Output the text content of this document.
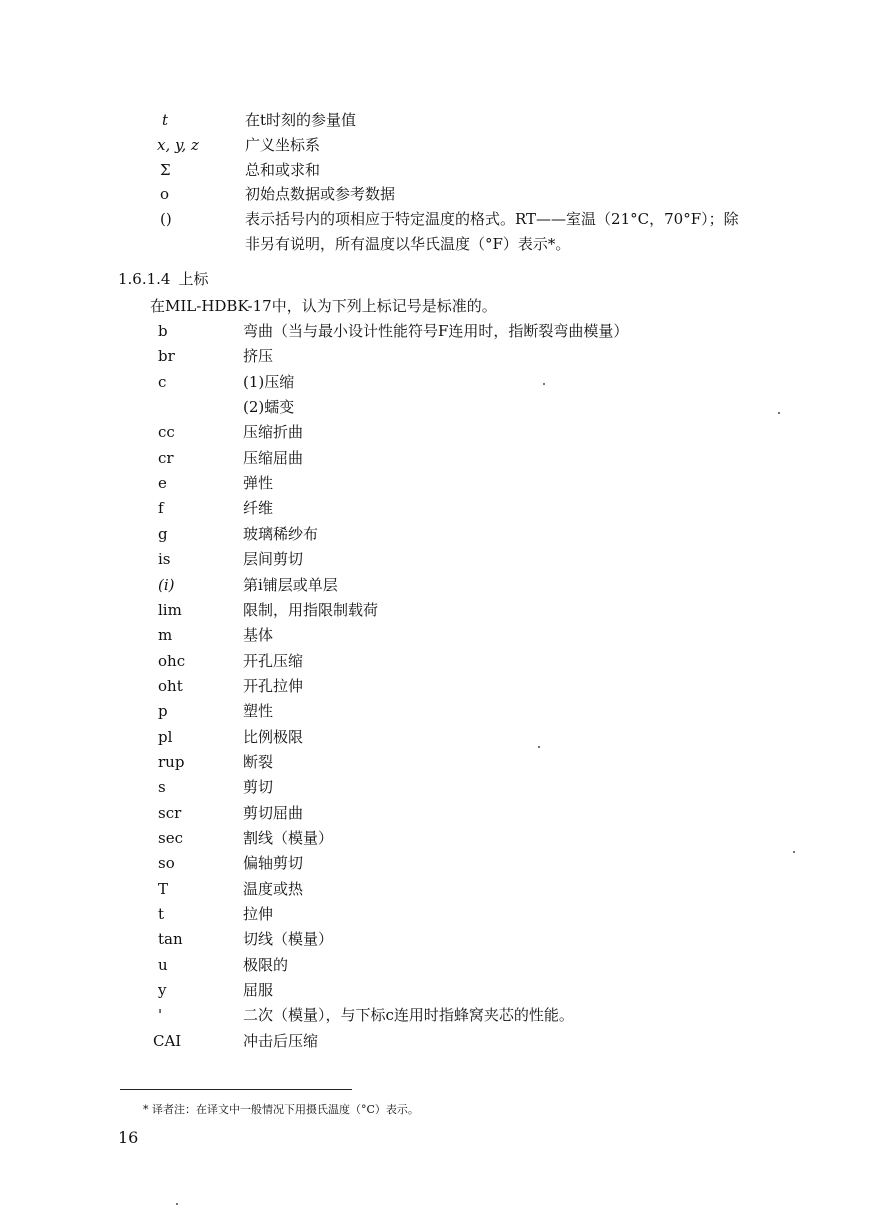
t	在t时刻的参量值
x, y, z	广义坐标系
Σ	总和或求和
o	初始点数据或参考数据
()	表示括号内的项相应于特定温度的格式。RT——室温（21°C，70°F）；除
非另有说明，所有温度以华氏温度（°F）表示*。
1.6.1.4 上标
在MIL-HDBK-17中，认为下列上标记号是标准的。
b	弯曲（当与最小设计性能符号F连用时，指断裂弯曲模量）
br	挤压
c	(1)压缩
(2)蠕变
cc	压缩折曲
cr	压缩屈曲
e	弹性
f	纤维
g	玻璃稀纱布
is	层间剪切
(i)	第i铺层或单层
lim	限制，用指限制载荷
m	基体
ohc	开孔压缩
oht	开孔拉伸
p	塑性
pl	比例极限
rup	断裂
s	剪切
scr	剪切屈曲
sec	割线（模量）
so	偏轴剪切
T	温度或热
t	拉伸
tan	切线（模量）
u	极限的
y	屈服
'	二次（模量），与下标c连用时指蜂窝夹芯的性能。
CAI	冲击后压缩
* 译者注：在译文中一般情况下用摄氏温度（°C）表示。
16
